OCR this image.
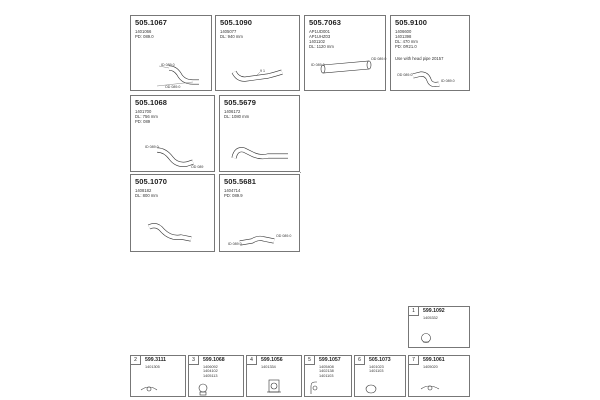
505.1067
1401066
PD: 089.0
ID 089.0
OD 089.0
505.1090
1405077
DL: 940 mm
9 1
505.7063
AP1UD001
AP1UHZ03
1401102
DL: 1120 mm
ID 089.0
OD 089.0
505.9100
1406600
1401398
DL: 470 mm
PD: 0R21.0
Use with head pipe 20157
OD 089.0
ID 089.0
505.1068
1401700
DL: 756 mm
PD: 089
ID 089.0
OD 089
505.5679
1406172
DL: 1080 mm
505.1070
1408182
DL: 800 mm
505.5681
1404714
PD: 089.9
ID 089.0
OD 089.0
1	599.1092
1405332
2	599.3111
1401305
3	599.1068
1406092
1404102
1405113
4	599.1056
1401334
5	599.1057
1405408
1402138
1401103
6	505.1073
1401023
1401103
7	599.1061
1405020
